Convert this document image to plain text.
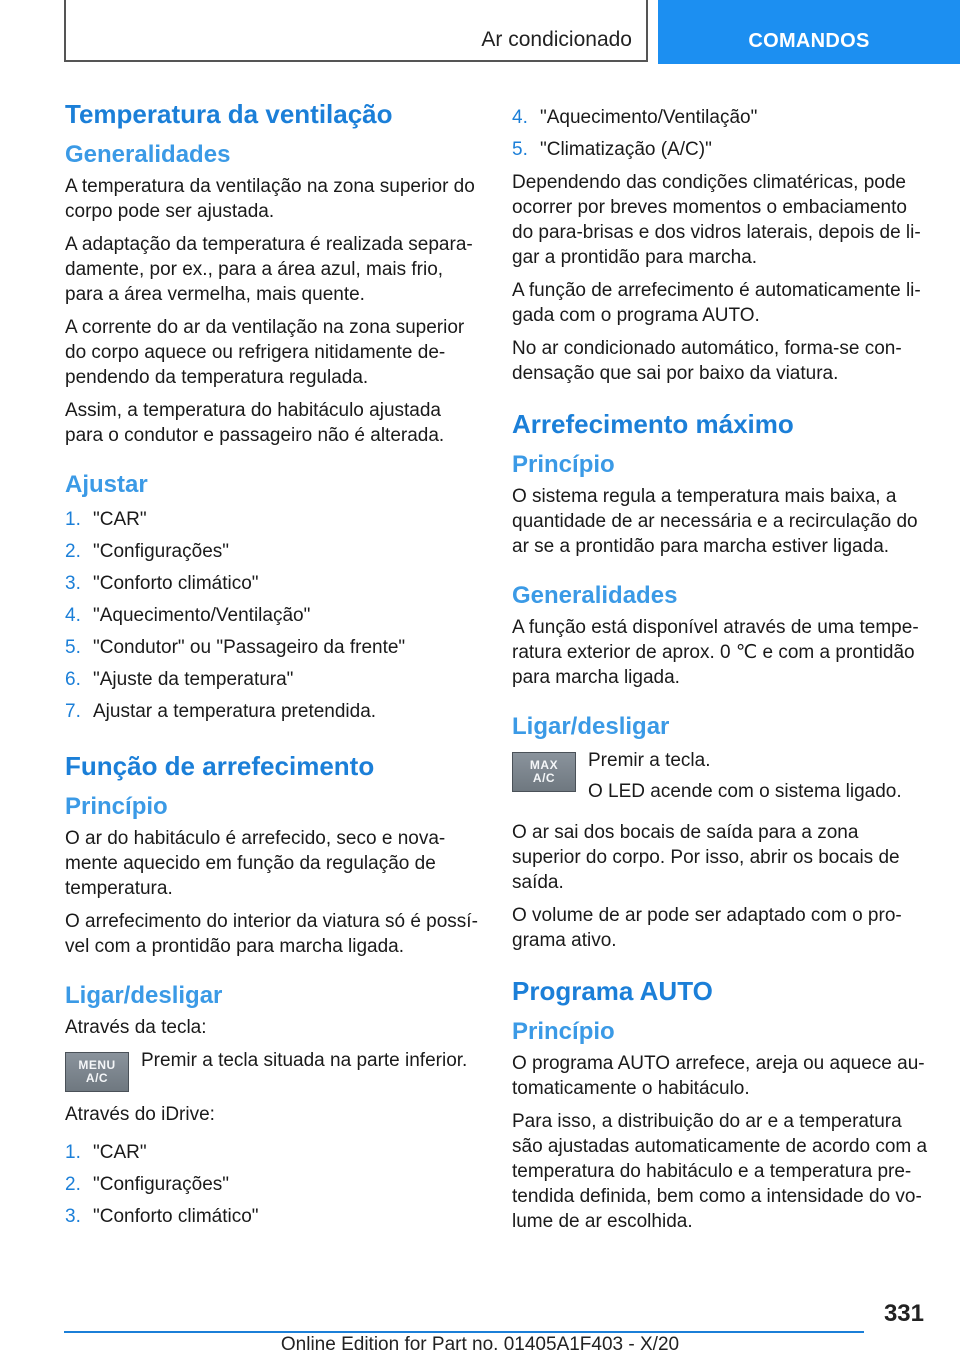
Ar condicionado	COMANDOS
Temperatura da ventilação
Generalidades

A temperatura da ventilação na zona superior do corpo pode ser ajustada.

A adaptação da temperatura é realizada separadamente, por ex., para a área azul, mais frio, para a área vermelha, mais quente.

A corrente do ar da ventilação na zona superior do corpo aquece ou refrigera nitidamente dependendo da temperatura regulada.

Assim, a temperatura do habitáculo ajustada para o condutor e passageiro não é alterada.

Ajustar
1. "CAR"
2. "Configurações"
3. "Conforto climático"
4. "Aquecimento/Ventilação"
5. "Condutor" ou "Passageiro da frente"
6. "Ajuste da temperatura"
7. Ajustar a temperatura pretendida.
Função de arrefecimento
Princípio

O ar do habitáculo é arrefecido, seco e novamente aquecido em função da regulação de temperatura.

O arrefecimento do interior da viatura só é possível com a prontidão para marcha ligada.

Ligar/desligar

Através da tecla:

MENU
A/C

Premir a tecla situada na parte inferior.

Através do iDrive:

1. "CAR"
2. "Configurações"
3. "Conforto climático"
4. "Aquecimento/Ventilação"
5. "Climatização (A/C)"

Dependendo das condições climatéricas, pode ocorrer por breves momentos o embaciamento do para-brisas e dos vidros laterais, depois de ligar a prontidão para marcha.

A função de arrefecimento é automaticamente ligada com o programa AUTO.

No ar condicionado automático, forma-se condensação que sai por baixo da viatura.

Arrefecimento máximo
Princípio

O sistema regula a temperatura mais baixa, a quantidade de ar necessária e a recirculação do ar se a prontidão para marcha estiver ligada.

Generalidades

A função está disponível através de uma temperatura exterior de aprox. 0 ℃ e com a prontidão para marcha ligada.

Ligar/desligar
MAX
A/C

Premir a tecla.

O LED acende com o sistema ligado.

O ar sai dos bocais de saída para a zona superior do corpo. Por isso, abrir os bocais de saída.

O volume de ar pode ser adaptado com o programa ativo.

Programa AUTO
Princípio

O programa AUTO arrefece, areja ou aquece automaticamente o habitáculo.

Para isso, a distribuição do ar e a temperatura são ajustadas automaticamente de acordo com a temperatura do habitáculo e a temperatura pretendida definida, bem como a intensidade do volume de ar escolhida.

331
Online Edition for Part no. 01405A1F403 - X/20
